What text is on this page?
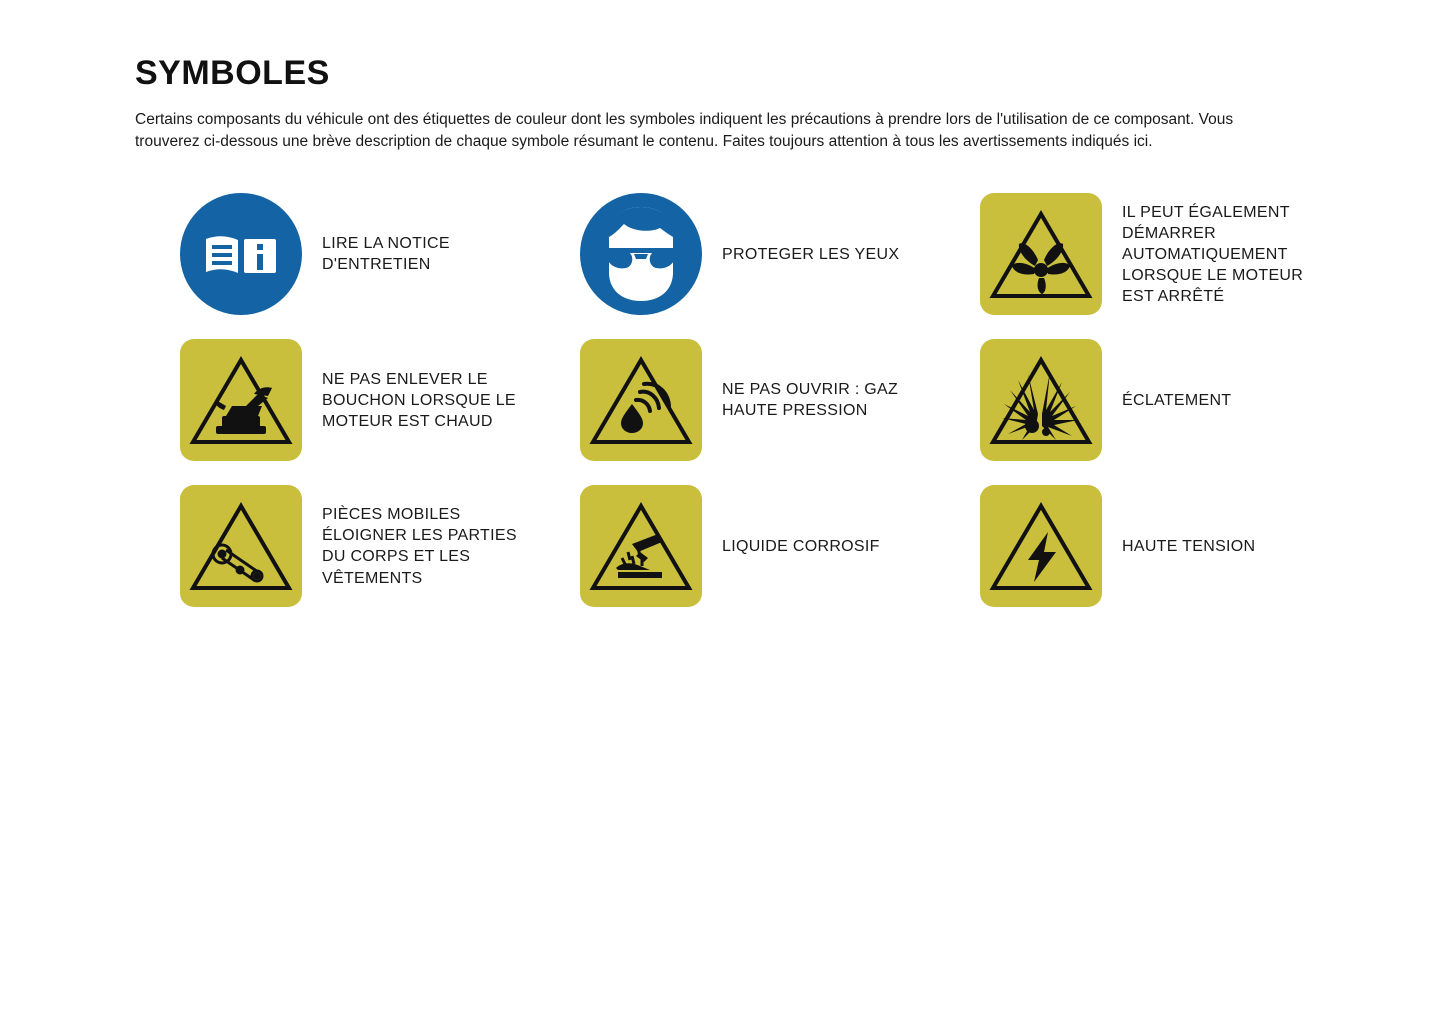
SYMBOLES

Certains composants du véhicule ont des étiquettes de couleur dont les symboles indiquent les précautions à prendre lors de l'utilisation de ce composant. Vous trouverez ci-dessous une brève description de chaque symbole résumant le contenu. Faites toujours attention à tous les avertissements indiqués ici.

LIRE LA NOTICE D'ENTRETIEN
PROTEGER LES YEUX
IL PEUT ÉGALEMENT DÉMARRER AUTOMATIQUEMENT LORSQUE LE MOTEUR EST ARRÊTÉ
NE PAS ENLEVER LE BOUCHON LORSQUE LE MOTEUR EST CHAUD
NE PAS OUVRIR : GAZ HAUTE PRESSION
ÉCLATEMENT
PIÈCES MOBILES ÉLOIGNER LES PARTIES DU CORPS ET LES VÊTEMENTS
LIQUIDE CORROSIF	HAUTE TENSION
